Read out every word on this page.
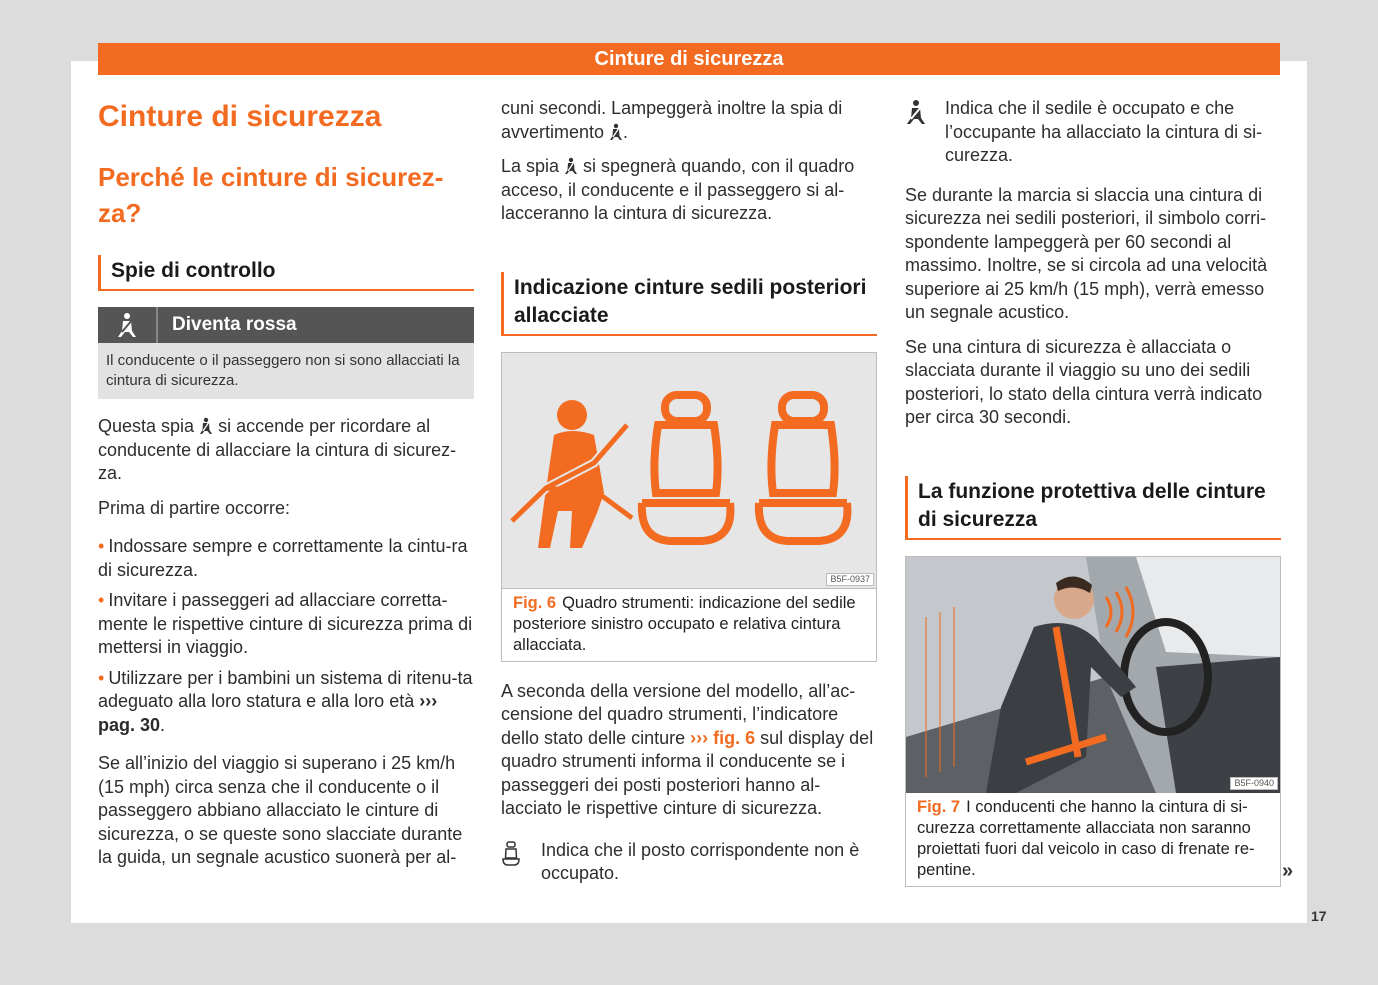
Cinture di sicurezza
Cinture di sicurezza
Perché le cinture di sicurez-
za?
Spie di controllo
Diventa rossa
Il conducente o il passeggero non si sono allacciati la cintura di sicurezza.

Questa spia  si accende per ricordare al conducente di allacciare la cintura di sicurez-za.

Prima di partire occorre:

• Indossare sempre e correttamente la cintu-ra di sicurezza.
• Invitare i passeggeri ad allacciare corretta-mente le rispettive cinture di sicurezza prima di mettersi in viaggio.
• Utilizzare per i bambini un sistema di ritenu-ta adeguato alla loro statura e alla loro età ››› pag. 30.

Se all’inizio del viaggio si superano i 25 km/h (15 mph) circa senza che il conducente o il passeggero abbiano allacciato le cinture di sicurezza, o se queste sono slacciate durante la guida, un segnale acustico suonerà per al-

cuni secondi. Lampeggerà inoltre la spia di avvertimento .

La spia  si spegnerà quando, con il quadro acceso, il conducente e il passeggero si al-lacceranno la cintura di sicurezza.

Indicazione cinture sedili posteriori allacciate
B5F-0937
Fig. 6 Quadro strumenti: indicazione del sedile posteriore sinistro occupato e relativa cintura allacciata.

A seconda della versione del modello, all’ac-censione del quadro strumenti, l’indicatore dello stato delle cinture ››› fig. 6 sul display del quadro strumenti informa il conducente se i passeggeri dei posti posteriori hanno al-lacciato le rispettive cinture di sicurezza.

Indica che il posto corrispondente non è occupato.

Indica che il sedile è occupato e che l’occupante ha allacciato la cintura di si-curezza.

Se durante la marcia si slaccia una cintura di sicurezza nei sedili posteriori, il simbolo corri-spondente lampeggerà per 60 secondi al massimo. Inoltre, se si circola ad una velocità superiore ai 25 km/h (15 mph), verrà emesso un segnale acustico.

Se una cintura di sicurezza è allacciata o slacciata durante il viaggio su uno dei sedili posteriori, lo stato della cintura verrà indicato per circa 30 secondi.

La funzione protettiva delle cinture di sicurezza
B5F-0940
Fig. 7 I conducenti che hanno la cintura di si-curezza correttamente allacciata non saranno proiettati fuori dal veicolo in caso di frenate re-pentine.	»
17
